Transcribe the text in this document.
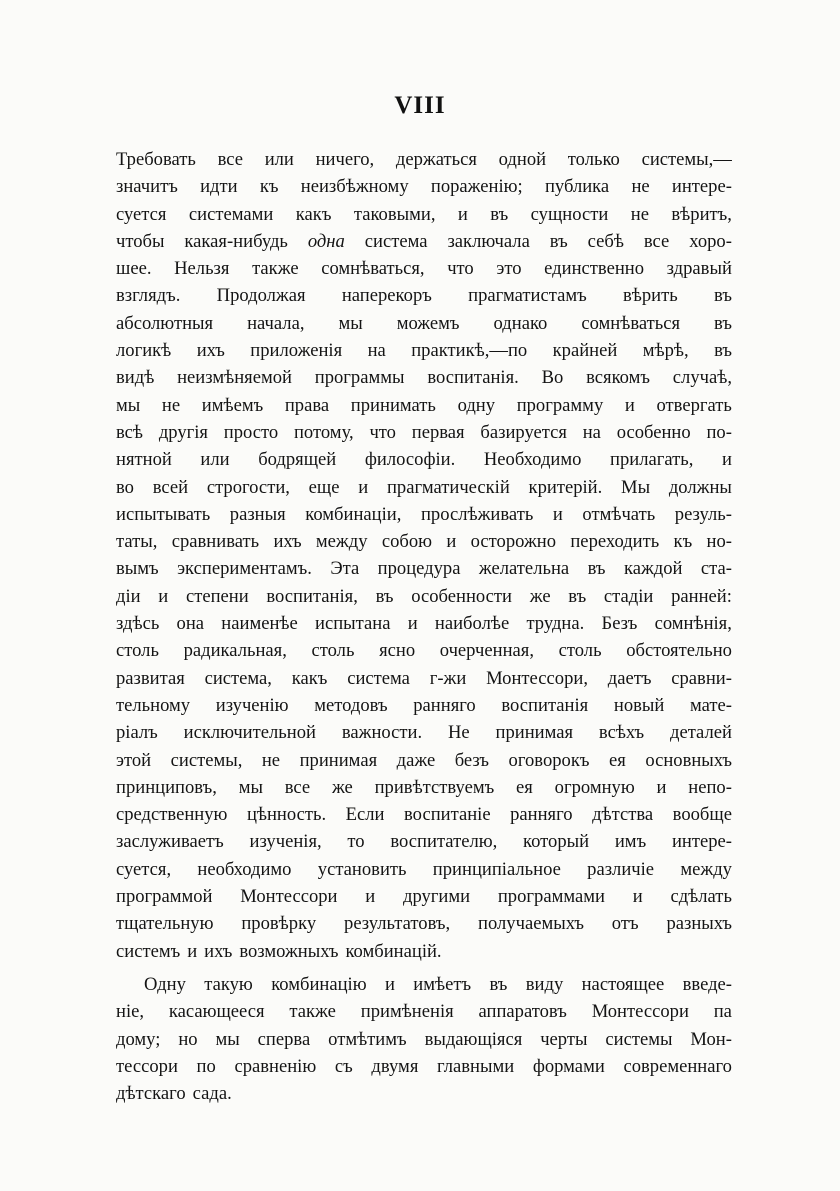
VIII
Требовать все или ничего, держаться одной только системы,—
значитъ идти къ неизбѣжному пораженію; публика не интере-
суется системами какъ таковыми, и въ сущности не вѣритъ,
чтобы какая-нибудь одна система заключала въ себѣ все хоро-
шее. Нельзя также сомнѣваться, что это единственно здравый
взглядъ. Продолжая наперекоръ прагматистамъ вѣрить въ
абсолютныя начала, мы можемъ однако сомнѣваться въ
логикѣ ихъ приложенія на практикѣ,—по крайней мѣрѣ, въ
видѣ неизмѣняемой программы воспитанія. Во всякомъ случаѣ,
мы не имѣемъ права принимать одну программу и отвергать
всѣ другія просто потому, что первая базируется на особенно по-
нятной или бодрящей философіи. Необходимо прилагать, и
во всей строгости, еще и прагматическій критерій. Мы должны
испытывать разныя комбинаціи, прослѣживать и отмѣчать резуль-
таты, сравнивать ихъ между собою и осторожно переходить къ но-
вымъ экспериментамъ. Эта процедура желательна въ каждой ста-
діи и степени воспитанія, въ особенности же въ стадіи ранней:
здѣсь она наименѣе испытана и наиболѣе трудна. Безъ сомнѣнія,
столь радикальная, столь ясно очерченная, столь обстоятельно
развитая система, какъ система г-жи Монтессори, даетъ сравни-
тельному изученію методовъ ранняго воспитанія новый мате-
ріалъ исключительной важности. Не принимая всѣхъ деталей
этой системы, не принимая даже безъ оговорокъ ея основныхъ
принциповъ, мы все же привѣтствуемъ ея огромную и непо-
средственную цѣнность. Если воспитаніе ранняго дѣтства вообще
заслуживаетъ изученія, то воспитателю, который имъ интере-
суется, необходимо установить принципіальное различіе между
программой Монтессори и другими программами и сдѣлать
тщательную провѣрку результатовъ, получаемыхъ отъ разныхъ
системъ и ихъ возможныхъ комбинацій.
Одну такую комбинацію и имѣетъ въ виду настоящее введе-
ніе, касающееся также примѣненія аппаратовъ Монтессори па
дому; но мы сперва отмѣтимъ выдающіяся черты системы Мон-
тессори по сравненію съ двумя главными формами современнаго
дѣтскаго сада.
